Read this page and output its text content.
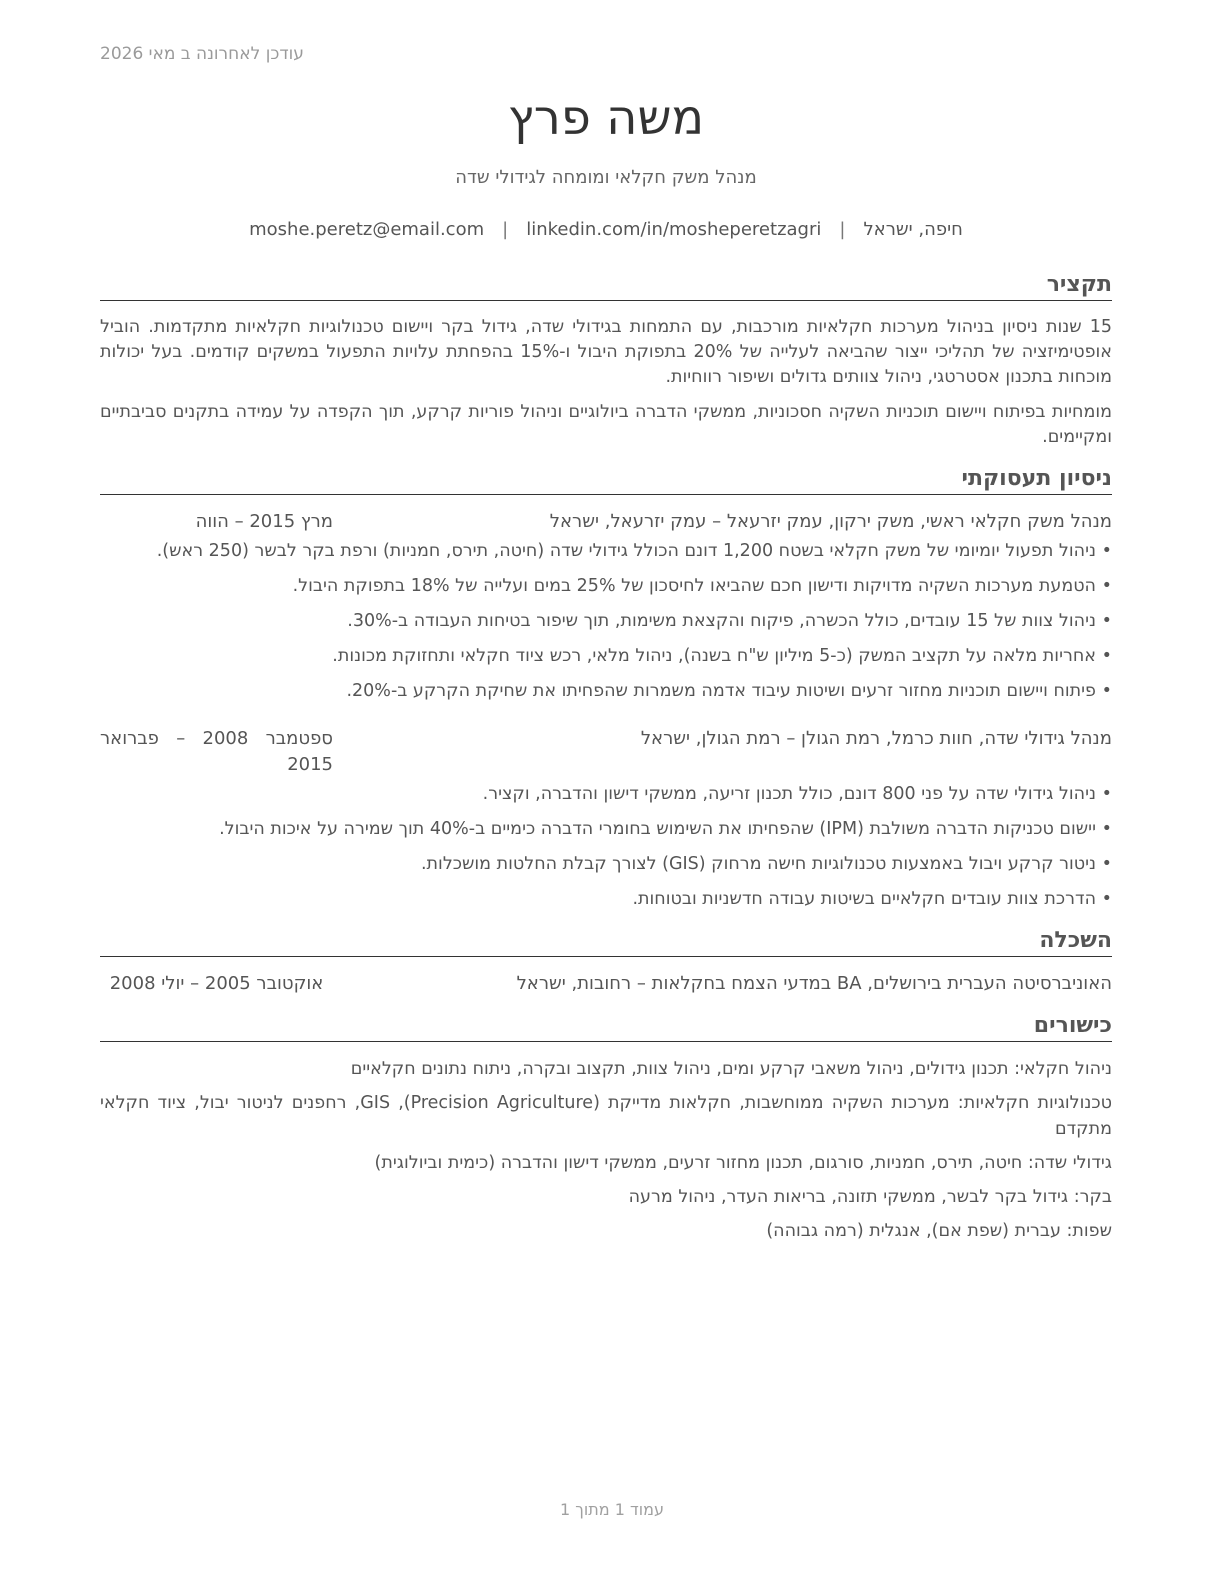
עודכן לאחרונה ב מאי 2026
משה פרץ
מנהל משק חקלאי ומומחה לגידולי שדה
חיפה, ישראל|moshe.peretz@email.com | linkedin.com/in/mosheperetzagri
תקציר

15 שנות ניסיון בניהול מערכות חקלאיות מורכבות, עם התמחות בגידולי שדה, גידול בקר ויישום טכנולוגיות חקלאיות מתקדמות. הוביל אופטימיזציה של תהליכי ייצור שהביאה לעלייה של 20% בתפוקת היבול ו-15% בהפחתת עלויות התפעול במשקים קודמים. בעל יכולות מוכחות בתכנון אסטרטגי, ניהול צוותים גדולים ושיפור רווחיות.

מומחיות בפיתוח ויישום תוכניות השקיה חסכוניות, ממשקי הדברה ביולוגיים וניהול פוריות קרקע, תוך הקפדה על עמידה בתקנים סביבתיים ומקיימים.

ניסיון תעסוקתי
מנהל משק חקלאי ראשי, משק ירקון, עמק יזרעאל – עמק יזרעאל, ישראל
מרץ 2015 – הווה
• ניהול תפעול יומיומי של משק חקלאי בשטח 1,200 דונם הכולל גידולי שדה (חיטה, תירס, חמניות) ורפת בקר לבשר (250 ראש).
• הטמעת מערכות השקיה מדויקות ודישון חכם שהביאו לחיסכון של 25% במים ועלייה של 18% בתפוקת היבול.
• ניהול צוות של 15 עובדים, כולל הכשרה, פיקוח והקצאת משימות, תוך שיפור בטיחות העבודה ב-30%.
• אחריות מלאה על תקציב המשק (כ-5 מיליון ש"ח בשנה), ניהול מלאי, רכש ציוד חקלאי ותחזוקת מכונות.
• פיתוח ויישום תוכניות מחזור זרעים ושיטות עיבוד אדמה משמרות שהפחיתו את שחיקת הקרקע ב-20%.
מנהל גידולי שדה, חוות כרמל, רמת הגולן – רמת הגולן, ישראל
ספטמבר 2008 – פברואר 2015
• ניהול גידולי שדה על פני 800 דונם, כולל תכנון זריעה, ממשקי דישון והדברה, וקציר.
• יישום טכניקות הדברה משולבת (IPM) שהפחיתו את השימוש בחומרי הדברה כימיים ב-40% תוך שמירה על איכות היבול.
• ניטור קרקע ויבול באמצעות טכנולוגיות חישה מרחוק (GIS) לצורך קבלת החלטות מושכלות.
• הדרכת צוות עובדים חקלאיים בשיטות עבודה חדשניות ובטוחות.
השכלה
האוניברסיטה העברית בירושלים, BA במדעי הצמח בחקלאות – רחובות, ישראל
אוקטובר 2005 – יולי 2008
כישורים
ניהול חקלאי: תכנון גידולים, ניהול משאבי קרקע ומים, ניהול צוות, תקצוב ובקרה, ניתוח נתונים חקלאיים
טכנולוגיות חקלאיות: מערכות השקיה ממוחשבות, חקלאות מדייקת (Precision Agriculture), GIS, רחפנים לניטור יבול, ציוד חקלאי מתקדם
גידולי שדה: חיטה, תירס, חמניות, סורגום, תכנון מחזור זרעים, ממשקי דישון והדברה (כימית וביולוגית)
בקר: גידול בקר לבשר, ממשקי תזונה, בריאות העדר, ניהול מרעה
שפות: עברית (שפת אם), אנגלית (רמה גבוהה)
עמוד 1 מתוך 1
